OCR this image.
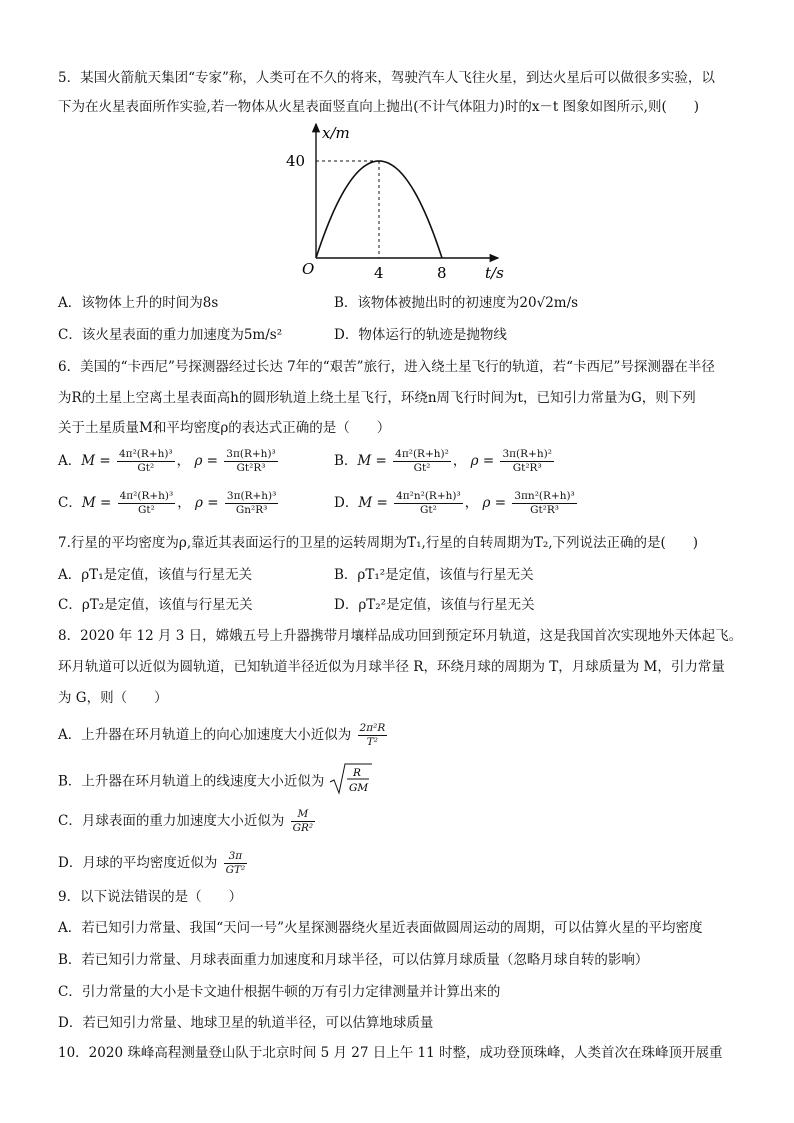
5．某国火箭航天集团“专家”称，人类可在不久的将来，驾驶汽车人飞往火星，到达火星后可以做很多实验，以
下为在火星表面所作实验,若一物体从火星表面竖直向上抛出(不计气体阻力)时的x－t 图象如图所示,则(　　)
x/m
t/s
O
40
4	8
A．该物体上升的时间为8s	B．该物体被抛出时的初速度为20√2m/s
C．该火星表面的重力加速度为5m/s²	D．物体运行的轨迹是抛物线
6．美国的“卡西尼”号探测器经过长达 7年的“艰苦”旅行，进入绕土星飞行的轨道，若“卡西尼”号探测器在半径
为R的土星上空离土星表面高h的圆形轨道上绕土星飞行，环绕n周飞行时间为t，已知引力常量为G，则下列
关于土星质量M和平均密度ρ的表达式正确的是（　　）
A．$M = \frac{\text{4π²(R+h)³}}{\text{Gt²}}$ ， $\rho = \frac{\text{3π(R+h)³}}{\text{Gt²R³}}$	B．$M = \frac{\text{4π²(R+h)²}}{\text{Gt²}}$ ， $\rho = \frac{\text{3π(R+h)²}}{\text{Gt²R³}}$
C．$M = \frac{\text{4π²(R+h)³}}{\text{Gt²}}$ ， $\rho = \frac{\text{3π(R+h)³}}{\text{Gn²R³}}$	D．$M = \frac{\text{4π²n²(R+h)³}}{\text{Gt²}}$ ， $\rho = \frac{\text{3πn²(R+h)³}}{\text{Gt²R³}}$
7.行星的平均密度为ρ,靠近其表面运行的卫星的运转周期为T₁,行星的自转周期为T₂,下列说法正确的是(　　)
A．ρT₁是定值，该值与行星无关	B．ρT₁²是定值，该值与行星无关
C．ρT₂是定值，该值与行星无关	D．ρT₂²是定值，该值与行星无关
8．2020 年 12 月 3 日，嫦娥五号上升器携带月壤样品成功回到预定环月轨道，这是我国首次实现地外天体起飞。
环月轨道可以近似为圆轨道，已知轨道半径近似为月球半径 R，环绕月球的周期为 T，月球质量为 M，引力常量
为 G，则（　　）
A．上升器在环月轨道上的向心加速度大小近似为 $\frac{\text{2π²R}}{\text{T²}}$
B．上升器在环月轨道上的线速度大小近似为
R
GM
C．月球表面的重力加速度大小近似为 $\frac{M}{\text{GR²}}$
D．月球的平均密度近似为 $\frac{3\pi}{\text{GT²}}$
9．以下说法错误的是（　　）
A．若已知引力常量、我国“天问一号”火星探测器绕火星近表面做圆周运动的周期，可以估算火星的平均密度
B．若已知引力常量、月球表面重力加速度和月球半径，可以估算月球质量（忽略月球自转的影响）
C．引力常量的大小是卡文迪什根据牛顿的万有引力定律测量并计算出来的
D．若已知引力常量、地球卫星的轨道半径，可以估算地球质量
10．2020 珠峰高程测量登山队于北京时间 5 月 27 日上午 11 时整，成功登顶珠峰，人类首次在珠峰顶开展重
